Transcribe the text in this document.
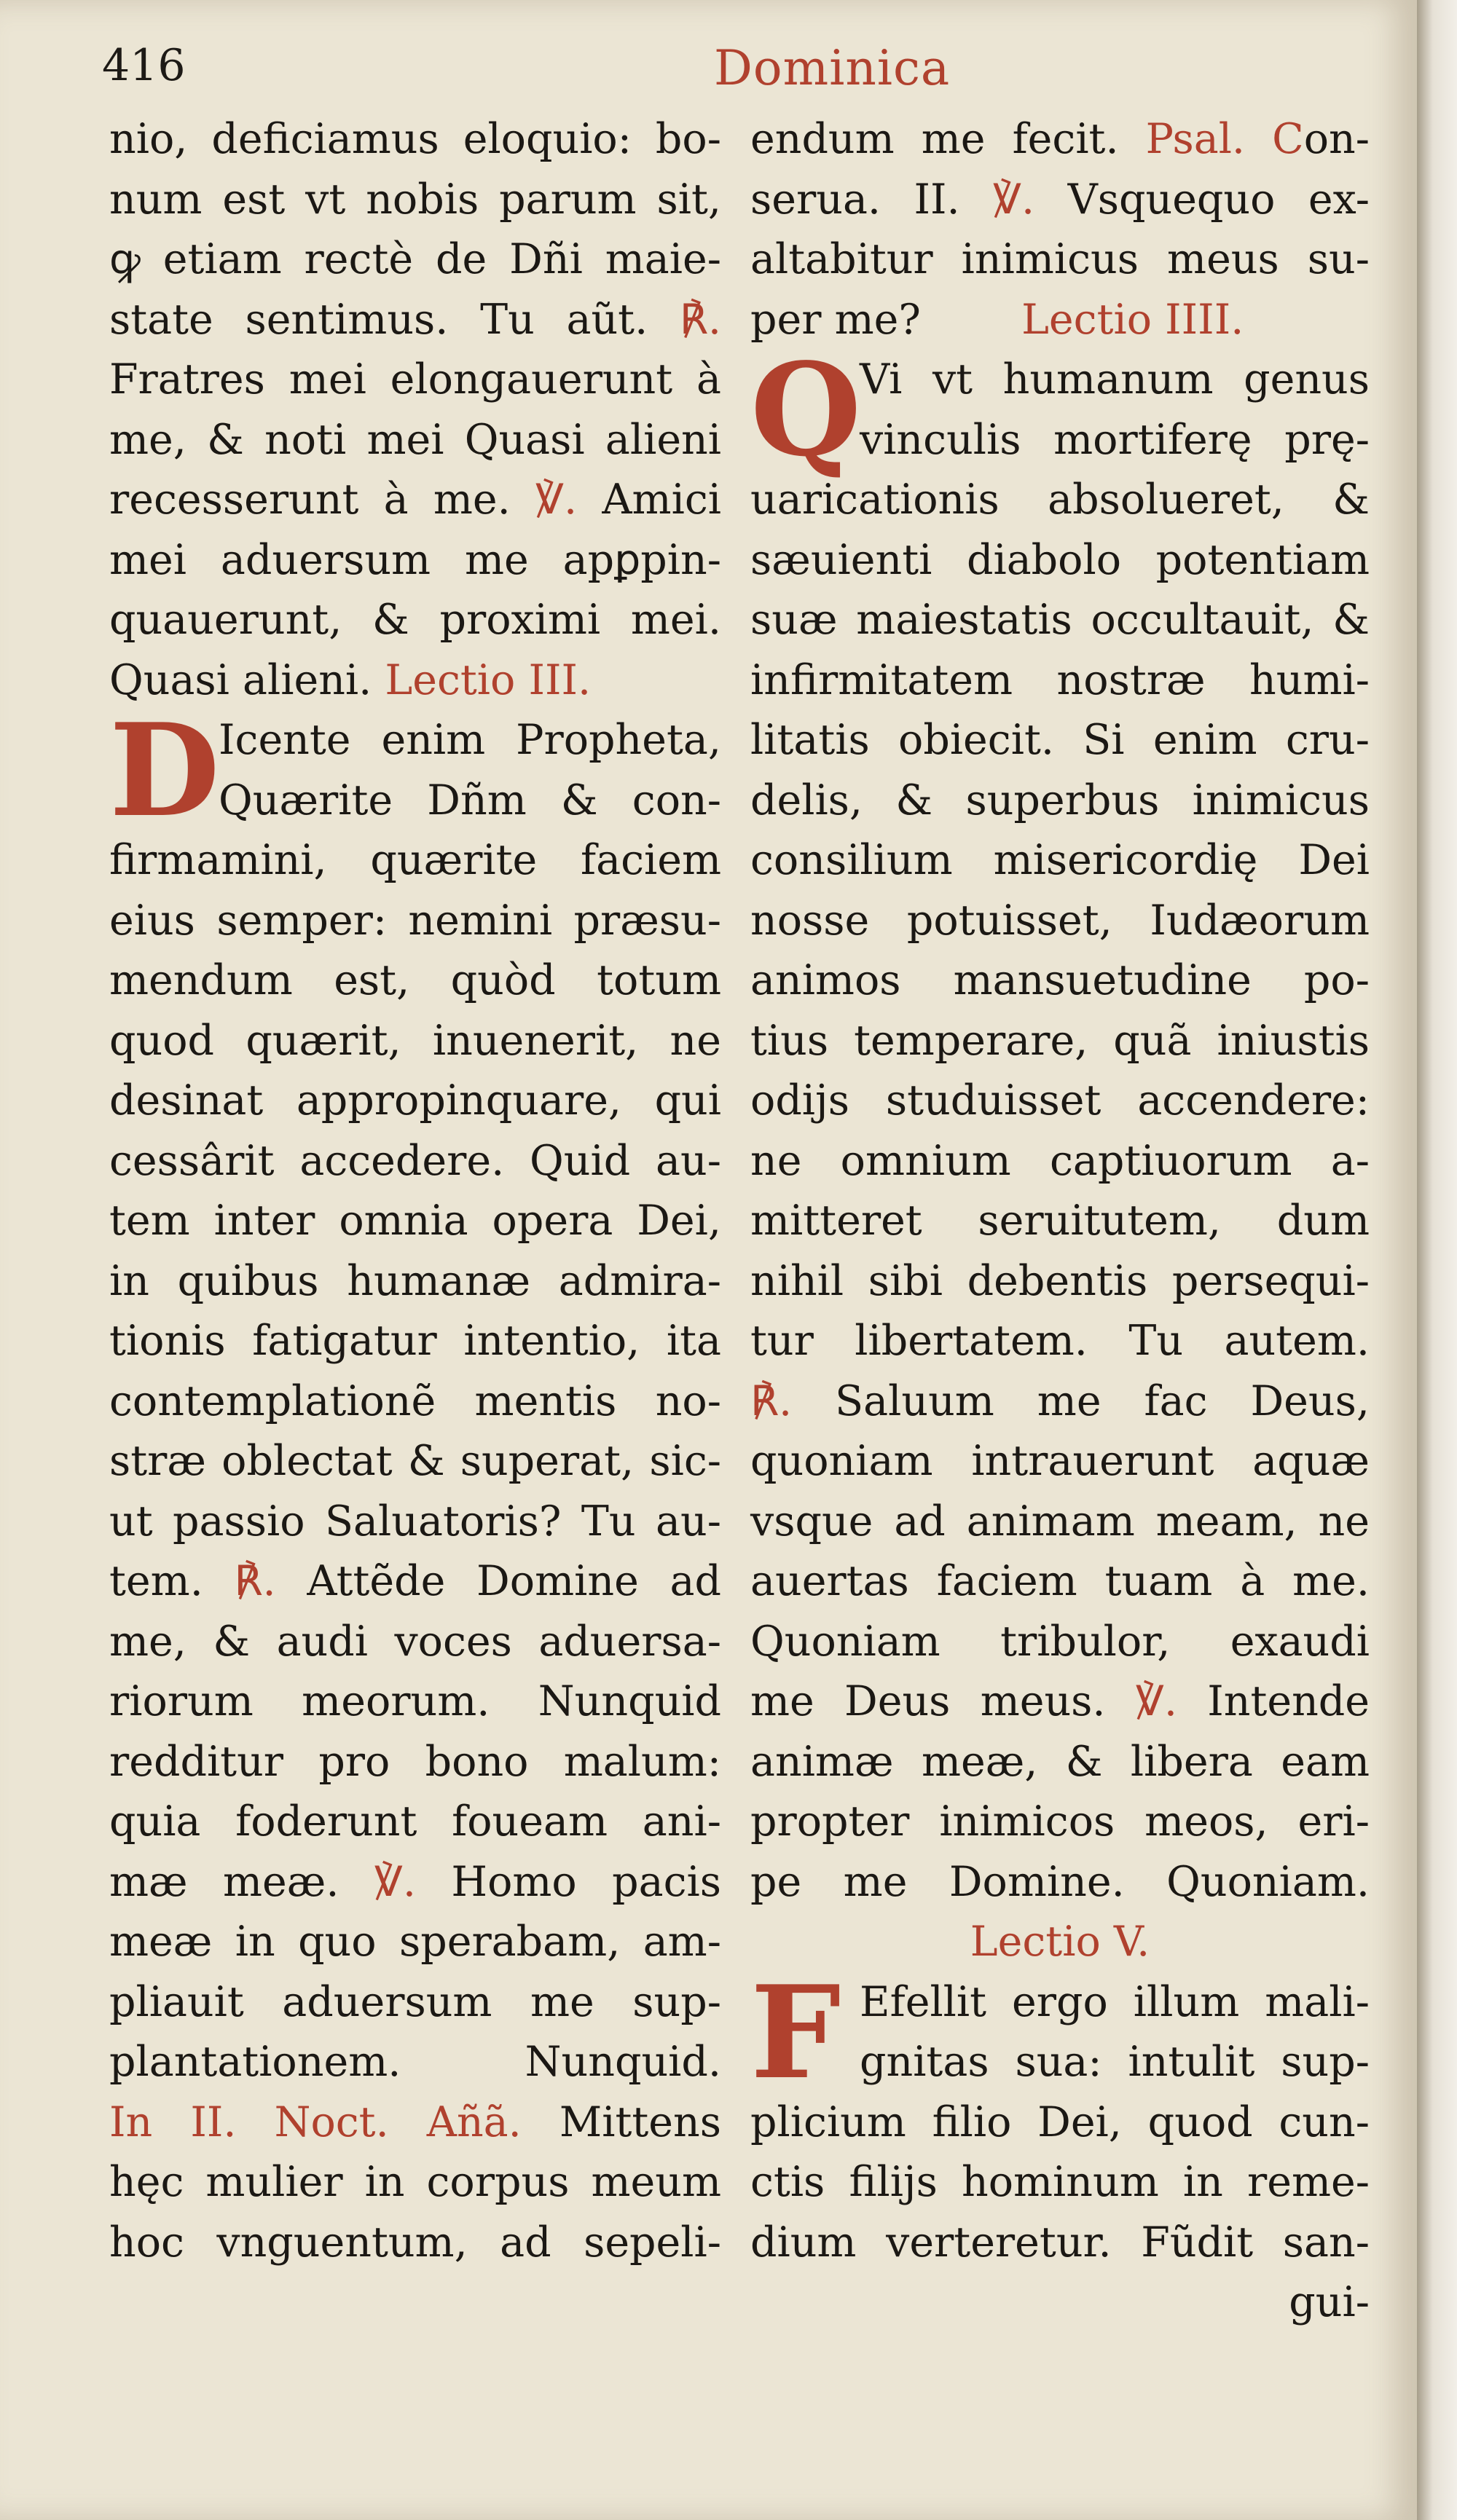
416	Dominica
nio, deficiamus eloquio: bo-
num est vt nobis parum sit,
ꝙ etiam rectè de Dñi maie-
state sentimus. Tu aũt. ℟.
Fratres mei elongauerunt à
me, & noti mei Quasi alieni
recesserunt à me. ℣. Amici
mei aduersum me apꝑpin-
quauerunt, & proximi mei.
Quasi alieni. Lectio III.
D
Icente enim Propheta,
Quærite Dñm & con-
firmamini, quærite faciem
eius semper: nemini præsu-
mendum est, quòd totum
quod quærit, inuenerit, ne
desinat appropinquare, qui
cessârit accedere. Quid au-
tem inter omnia opera Dei,
in quibus humanæ admira-
tionis fatigatur intentio, ita
contemplationẽ mentis no-
stræ oblectat & superat, sic-
ut passio Saluatoris? Tu au-
tem. ℟. Attẽde Domine ad
me, & audi voces aduersa-
riorum meorum. Nunquid
redditur pro bono malum:
quia foderunt foueam ani-
mæ meæ. ℣. Homo pacis
meæ in quo sperabam, am-
pliauit aduersum me sup-
plantationem. Nunquid.
In II. Noct. Añã. Mittens
hęc mulier in corpus meum
hoc vnguentum, ad sepeli-
endum me fecit. Psal. Con-
serua. II. ℣. Vsquequo ex-
altabitur inimicus meus su-
per me? Lectio IIII.
Q
Vi vt humanum genus
vinculis mortiferę prę-
uaricationis absolueret, &
sæuienti diabolo potentiam
suæ maiestatis occultauit, &
infirmitatem nostræ humi-
litatis obiecit. Si enim cru-
delis, & superbus inimicus
consilium misericordię Dei
nosse potuisset, Iudæorum
animos mansuetudine po-
tius temperare, quã iniustis
odijs studuisset accendere:
ne omnium captiuorum a-
mitteret seruitutem, dum
nihil sibi debentis persequi-
tur libertatem. Tu autem.
℟. Saluum me fac Deus,
quoniam intrauerunt aquæ
vsque ad animam meam, ne
auertas faciem tuam à me.
Quoniam tribulor, exaudi
me Deus meus. ℣. Intende
animæ meæ, & libera eam
propter inimicos meos, eri-
pe me Domine. Quoniam.
Lectio V.
F Efellit ergo illum mali-
gnitas sua: intulit sup-
plicium filio Dei, quod cun-
ctis filijs hominum in reme-
dium verteretur. Fũdit san-
gui-
